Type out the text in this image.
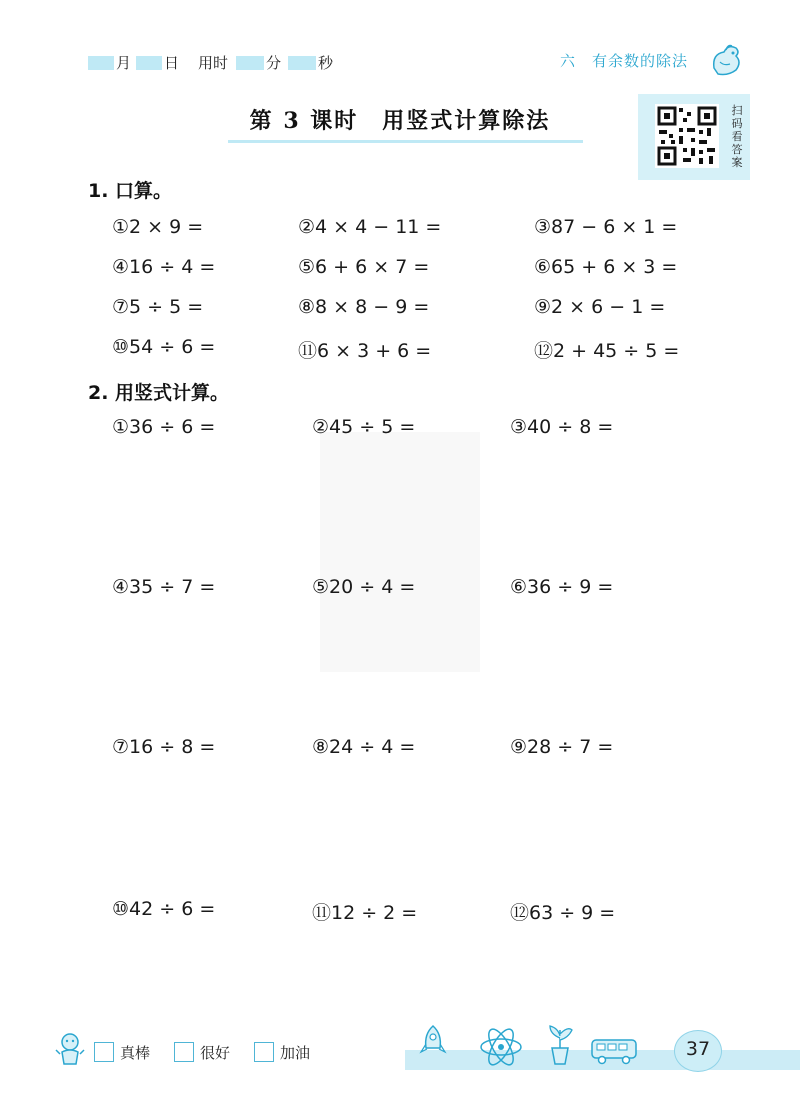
月 日 用时	分 秒	六　有余数的除法
第 3 课时　用竖式计算除法	扫
码
看
答
案
1. 口算。
①2 × 9 =	②4 × 4 − 11 =	③87 − 6 × 1 =
④16 ÷ 4 =	⑤6 + 6 × 7 =	⑥65 + 6 × 3 =
⑦5 ÷ 5 =	⑧8 × 8 − 9 =	⑨2 × 6 − 1 =
⑩54 ÷ 6 =	⑪6 × 3 + 6 =	⑫2 + 45 ÷ 5 =
2. 用竖式计算。
①36 ÷ 6 =	②45 ÷ 5 =	③40 ÷ 8 =
④35 ÷ 7 =	⑤20 ÷ 4 =	⑥36 ÷ 9 =
⑦16 ÷ 8 =	⑧24 ÷ 4 =	⑨28 ÷ 7 =
⑩42 ÷ 6 =	⑪12 ÷ 2 =	⑫63 ÷ 9 =
真棒	很好	加油	37
